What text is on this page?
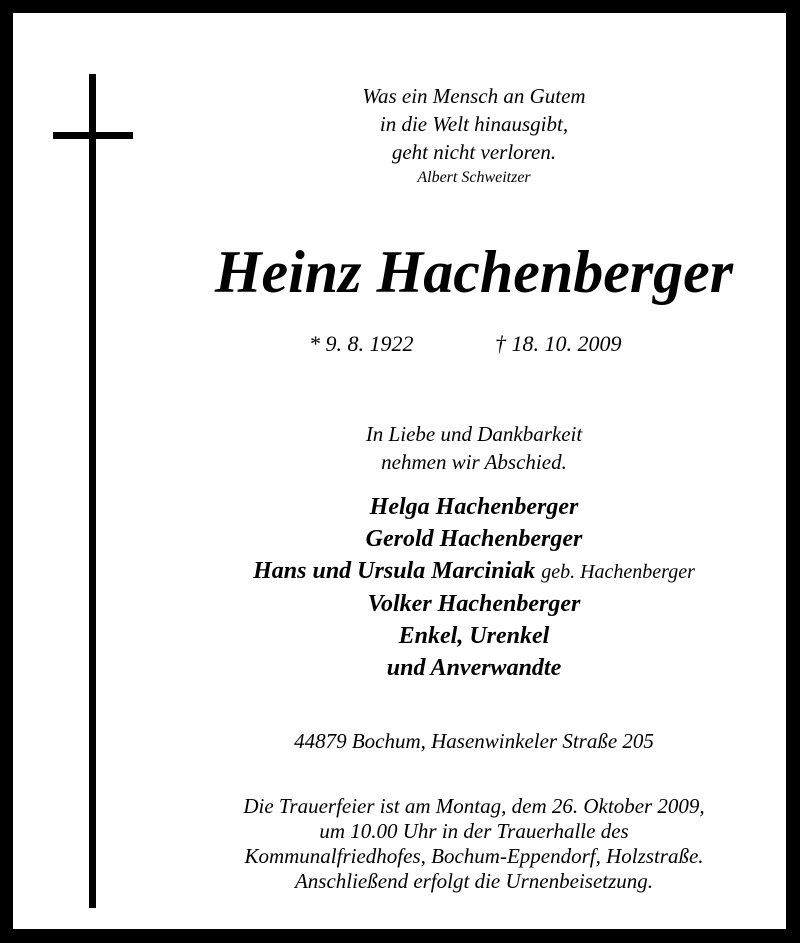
Was ein Mensch an Gutem
in die Welt hinausgibt,
geht nicht verloren.
Albert Schweitzer
Heinz Hachenberger
* 9. 8. 1922	† 18. 10. 2009
In Liebe und Dankbarkeit
nehmen wir Abschied.
Helga Hachenberger
Gerold Hachenberger
Hans und Ursula Marciniak geb. Hachenberger
Volker Hachenberger
Enkel, Urenkel
und Anverwandte
44879 Bochum, Hasenwinkeler Straße 205
Die Trauerfeier ist am Montag, dem 26. Oktober 2009,
um 10.00 Uhr in der Trauerhalle des
Kommunalfriedhofes, Bochum-Eppendorf, Holzstraße.
Anschließend erfolgt die Urnenbeisetzung.
